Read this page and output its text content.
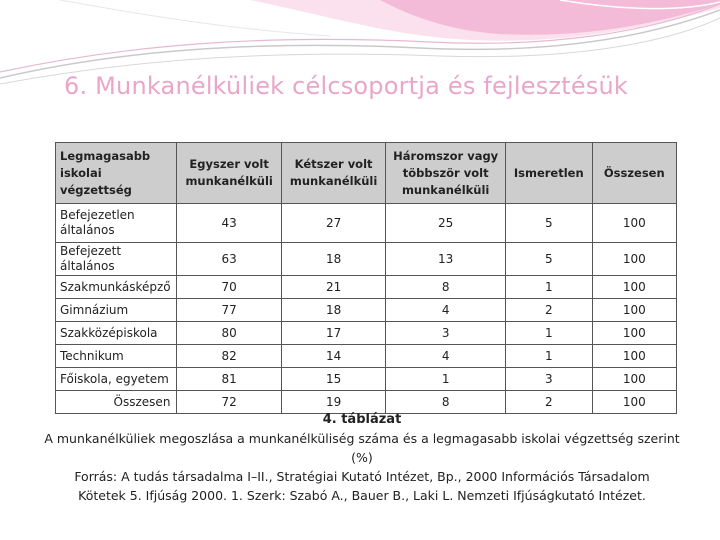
6. Munkanélküliek célcsoportja és fejlesztésük
Legmagasabb iskolai végzettség	Egyszer volt munkanélküli	Kétszer volt munkanélküli	Háromszor vagy többször volt munkanélküli	Ismeretlen	Összesen
Befejezetlen általános	43	27	25	5	100
Befejezett általános	63	18	13	5	100
Szakmunkásképző	70	21	8	1	100
Gimnázium	77	18	4	2	100
Szakközépiskola	80	17	3	1	100
Technikum	82	14	4	1	100
Főiskola, egyetem	81	15	1	3	100
Összesen	72	19	8	2	100
4. táblázat
A munkanélküliek megoszlása a munkanélküliség száma és a legmagasabb iskolai végzettség szerint (%)
Forrás: A tudás társadalma I–II., Stratégiai Kutató Intézet, Bp., 2000 Információs Társadalom
Kötetek 5. Ifjúság 2000. 1. Szerk: Szabó A., Bauer B., Laki L. Nemzeti Ifjúságkutató Intézet.
